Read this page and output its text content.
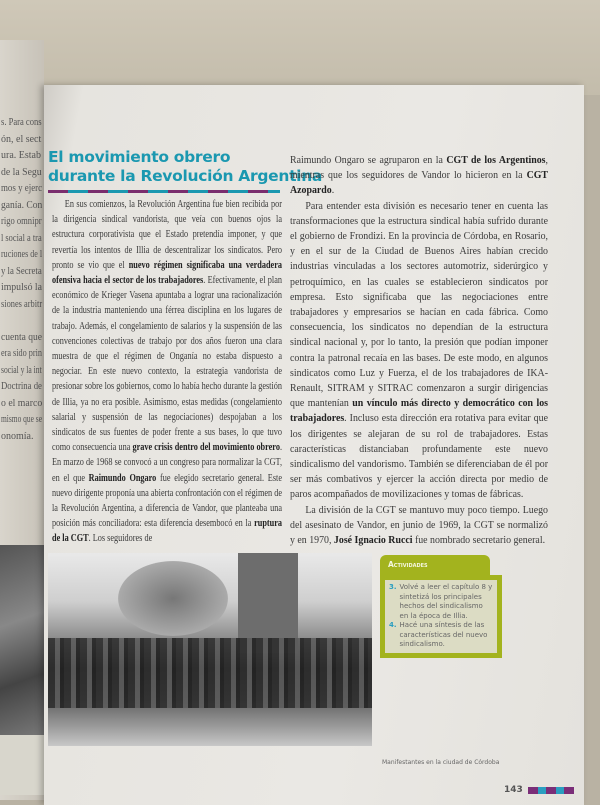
s. Para cons
ón, el sect
ura. Estab
de la Segu
mos y ejerc
ganía. Con
rigo omnipr
l social a tra
ruciones de l
y la Secreta
impulsó la
siones arbitr
cuenta que
era sido prin
social y la int
Doctrina de
o el marco
mismo que se
onomía.
El movimiento obrero
durante la Revolución Argentina

En sus comienzos, la Revolución Argentina fue bien recibida por la dirigencia sindical vandorista, que veía con buenos ojos la estructura corporativista que el Estado pretendía imponer, y que revertía los intentos de Illia de descentralizar los sindicatos. Pero pronto se vio que el nuevo régimen significaba una verdadera ofensiva hacia el sector de los trabajadores. Efectivamente, el plan económico de Krieger Vasena apuntaba a lograr una racionalización de la industria manteniendo una férrea disciplina en los lugares de trabajo. Además, el congelamiento de salarios y la suspensión de las convenciones colectivas de trabajo por dos años fueron una clara muestra de que el régimen de Onganía no estaba dispuesto a negociar. En este nuevo contexto, la estrategia vandorista de presionar sobre los gobiernos, como lo había hecho durante la gestión de Illia, ya no era posible. Asimismo, estas medidas (congelamiento salarial y suspensión de las negociaciones) despojaban a los sindicatos de sus fuentes de poder frente a sus bases, lo que tuvo como consecuencia una grave crisis dentro del movimiento obrero. En marzo de 1968 se convocó a un congreso para normalizar la CGT, en el que Raimundo Ongaro fue elegido secretario general. Este nuevo dirigente proponía una abierta confrontación con el régimen de la Revolución Argentina, a diferencia de Vandor, que planteaba una posición más conciliadora: esta diferencia desembocó en la ruptura de la CGT. Los seguidores de

Raimundo Ongaro se agruparon en la CGT de los Argentinos, mientras que los seguidores de Vandor lo hicieron en la CGT Azopardo.

Para entender esta división es necesario tener en cuenta las transformaciones que la estructura sindical había sufrido durante el gobierno de Frondizi. En la provincia de Córdoba, en Rosario, y en el sur de la Ciudad de Buenos Aires habían crecido industrias vinculadas a los sectores automotriz, siderúrgico y petroquímico, en las cuales se establecieron sindicatos por empresa. Esto significaba que las negociaciones entre trabajadores y empresarios se hacían en cada fábrica. Como consecuencia, los sindicatos no dependían de la estructura sindical nacional y, por lo tanto, la presión que podían imponer contra la patronal recaía en las bases. De este modo, en algunos sindicatos como Luz y Fuerza, el de los trabajadores de IKA-Renault, SITRAM y SITRAC comenzaron a surgir dirigencias que mantenían un vínculo más directo y democrático con los trabajadores. Incluso esta dirección era rotativa para evitar que los dirigentes se alejaran de su rol de trabajadores. Estas características distanciaban profundamente este nuevo sindicalismo del vandorismo. También se diferenciaban de él por ser más combativos y ejercer la acción directa por medio de paros acompañados de movilizaciones y tomas de fábricas.

La división de la CGT se mantuvo muy poco tiempo. Luego del asesinato de Vandor, en junio de 1969, la CGT se normalizó y en 1970, José Ignacio Rucci fue nombrado secretario general.

Actividades
3. Volvé a leer el capítulo 8 y sintetizá los principales hechos del sindicalismo en la época de Illia.
4. Hacé una síntesis de las características del nuevo sindicalismo.
Manifestantes en la ciudad de Córdoba
143
